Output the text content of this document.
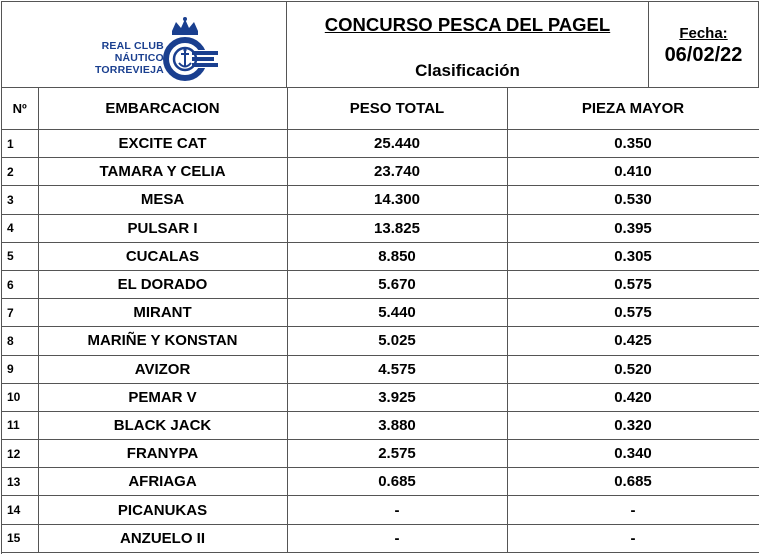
REAL CLUB
NÁUTICO
TORREVIEJA
CONCURSO PESCA DEL PAGEL
Clasificación
Fecha:
06/02/22
Nº	EMBARCACION	PESO TOTAL	PIEZA MAYOR
1	EXCITE CAT	25.440	0.350
2	TAMARA Y CELIA	23.740	0.410
3	MESA	14.300	0.530
4	PULSAR I	13.825	0.395
5	CUCALAS	8.850	0.305
6	EL DORADO	5.670	0.575
7	MIRANT	5.440	0.575
8	MARIÑE Y KONSTAN	5.025	0.425
9	AVIZOR	4.575	0.520
10	PEMAR V	3.925	0.420
11	BLACK JACK	3.880	0.320
12	FRANYPA	2.575	0.340
13	AFRIAGA	0.685	0.685
14	PICANUKAS	-	-
15	ANZUELO II	-	-
